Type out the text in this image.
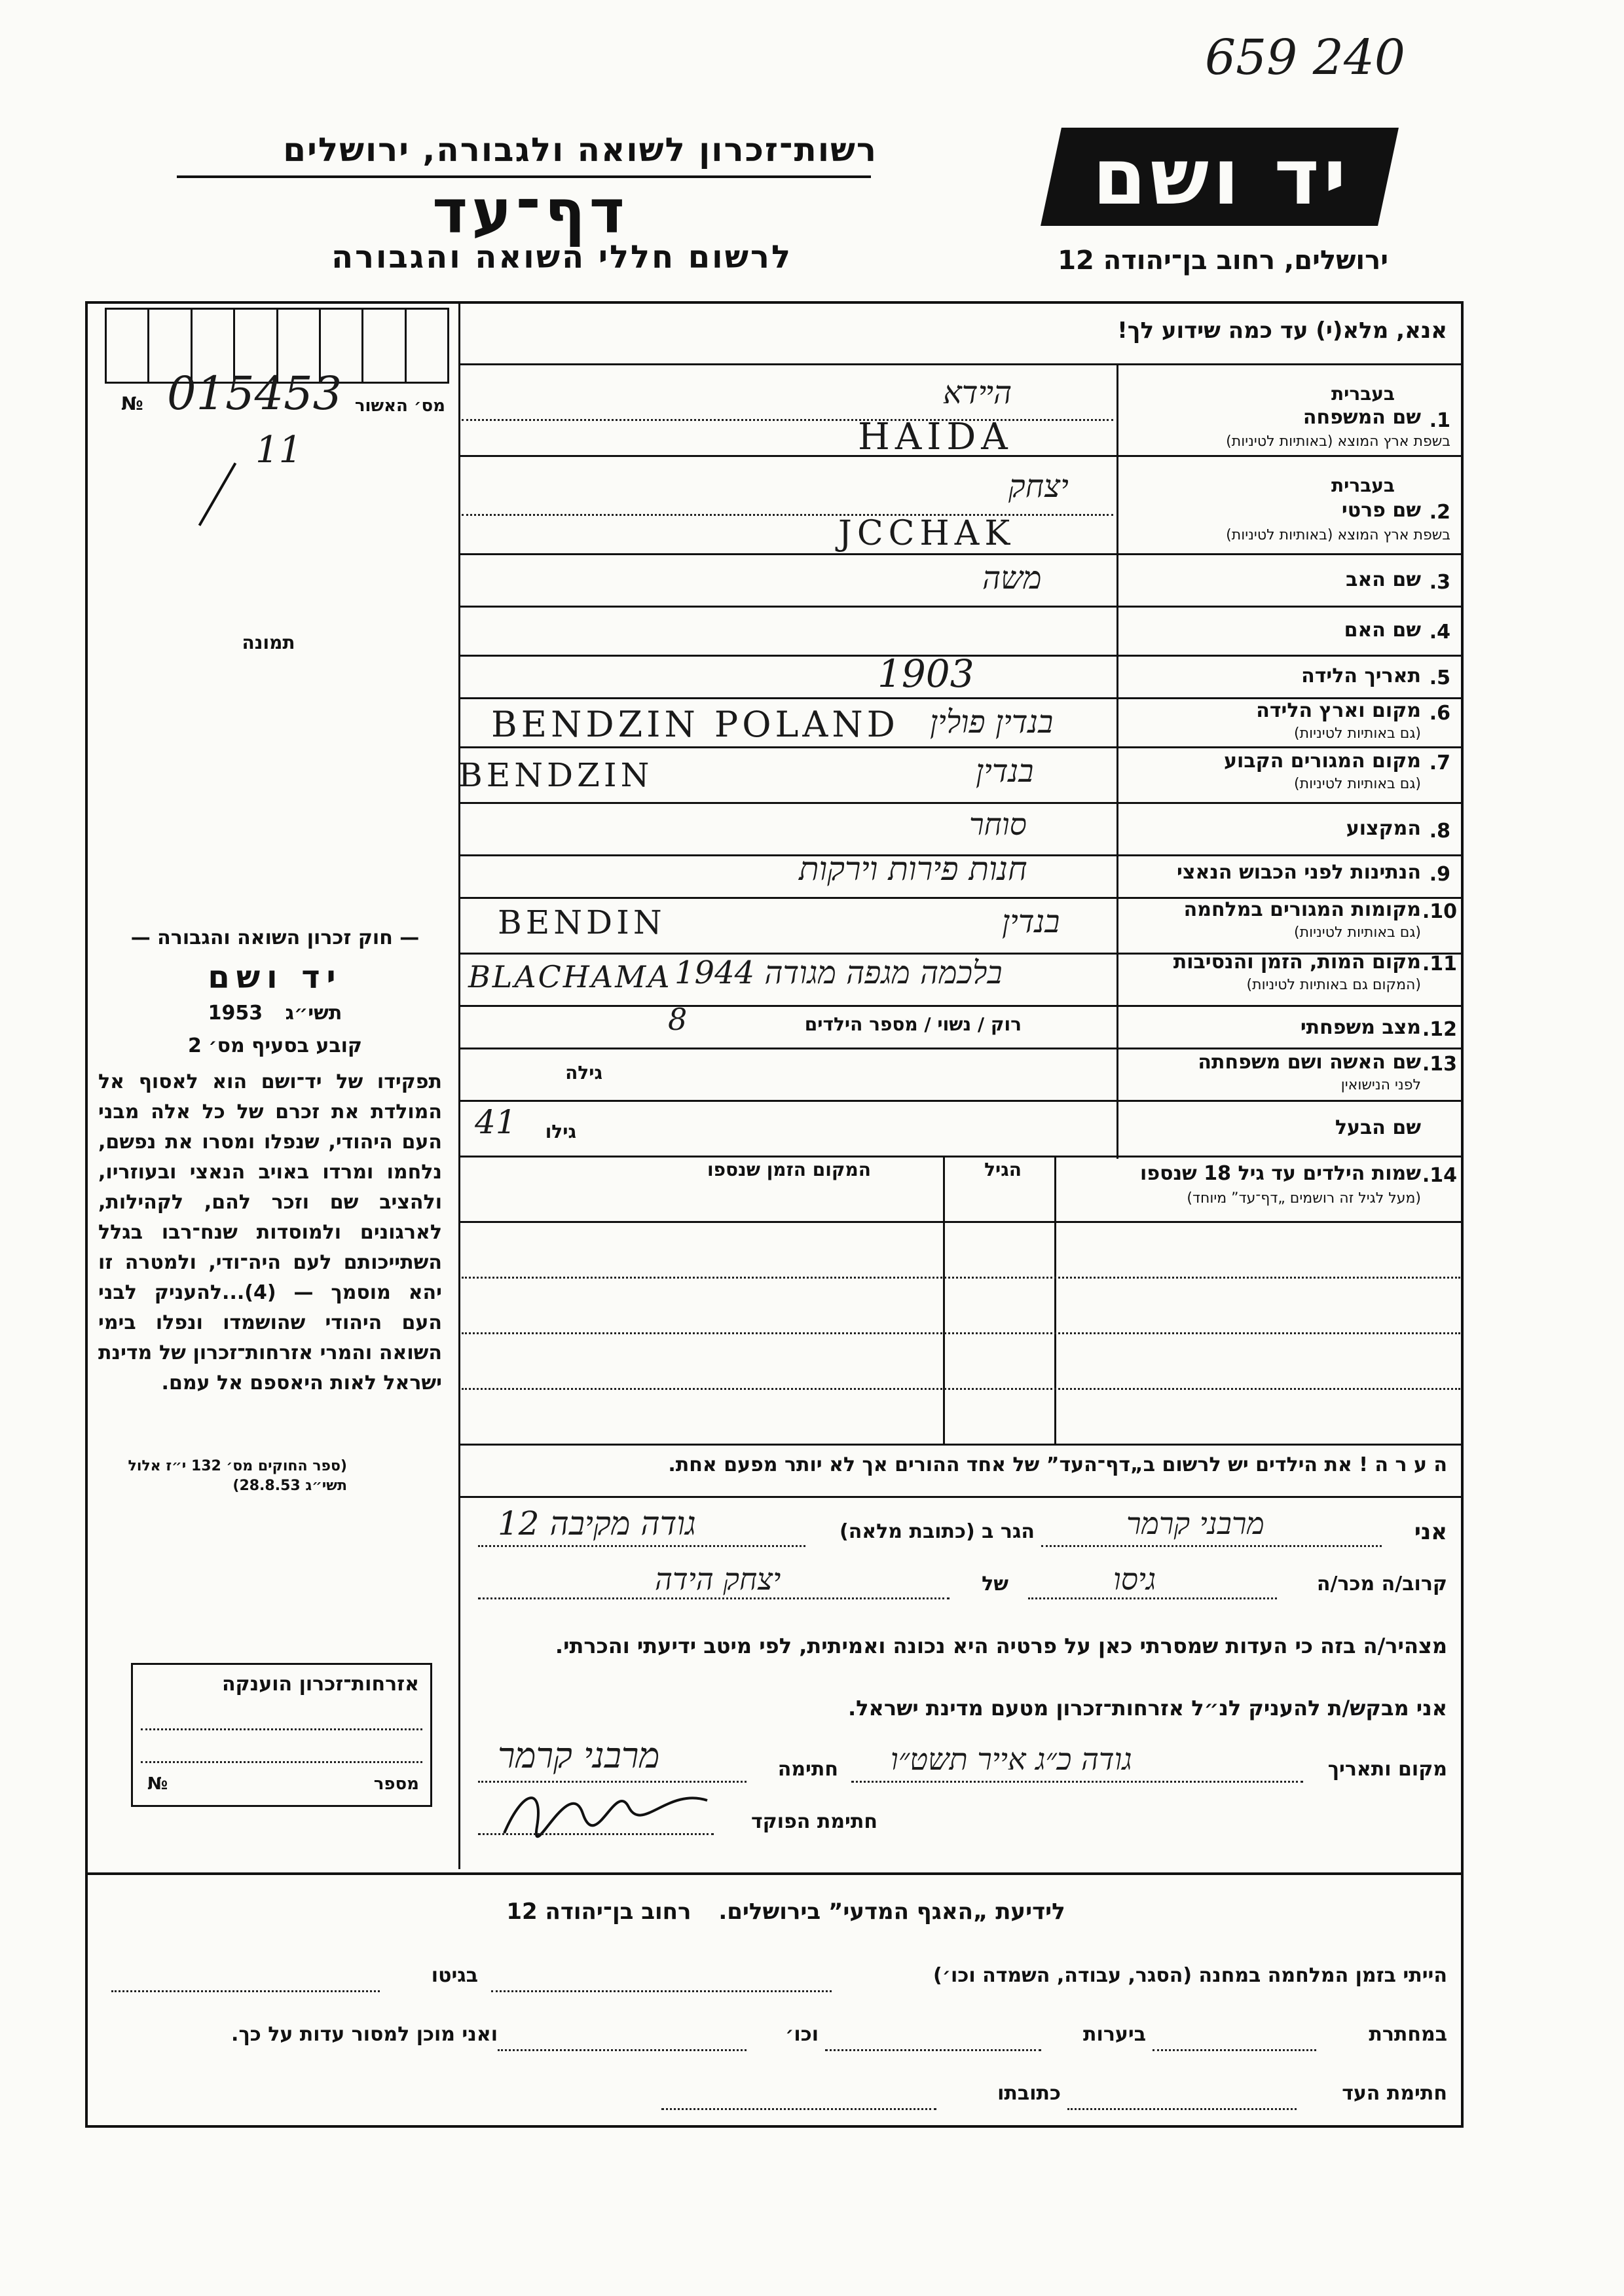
659 240
יד ושם
ירושלים, רחוב בן־יהודה 12
רשות־זכרון לשואה ולגבורה, ירושלים
דף־עד
לרשום חללי השואה והגבורה
אנא, מלא(י) עד כמה שידוע לך!
№ 015453 מס׳ האשור
11
תמונה
בעברית
1.
שם המשפחה
בשפת ארץ המוצא (באותיות לטיניות)
הײדא
HAIDA
בעברית
2.
שם פרטי
בשפת ארץ המוצא (באותיות לטיניות)
יצחק
JCCHAK
3.
שם האב
משה
4.
שם האם
5.
תאריך הלידה
1903
6.
מקום וארץ הלידה
(גם באותיות לטיניות)
BENDZIN POLAND בנדין פולין
7.
מקום המגורים הקבוע
(גם באותיות לטיניות)
BENDZIN	בנדין
8.
המקצוע
סוחר
9.
הנתינות לפני הכבוש הנאצי
חנות פירות וירקות
10.
מקומות המגורים במלחמה
(גם באותיות לטיניות)
BENDIN	בנדין
11.
מקום המות, הזמן והנסיבות
(המקום גם באותיות לטיניות)
BLACHAMA בלכמה מגפה מגודה 1944
12.
מצב משפחתי
רוק / נשוי / מספר הילדים
8
13.
שם האשה ושם משפחתה
לפני הנישואין
גילה
שם הבעל
גילו
41
14.
שמות הילדים עד גיל 18 שנספו
(מעל לגיל זה רושמים „דף־עד” מיוחד)
הגיל
המקום הזמן שנספו
ה ע ר ה ! את הילדים יש לרשום ב„דף־העד” של אחד ההורים אך לא יותר מפעם אחת.
— חוק זכרון השואה והגבורה —
יד ושם
1953 תשי״ג
קובע בסעיף מס׳ 2
תפקידו של יד־ושם הוא לאסוף אל המולדת את זכרם של כל אלה מבני העם היהודי, שנפלו ומסרו את נפשם, נלחמו ומרדו באויב הנאצי ובעוזריו, ולהציב שם וזכר להם, לקהילות, לארגונים ולמוסדות שנח־רבו בגלל השתייכותם לעם היה־ודי, ולמטרה זו יהא מוסמך — (4)...להעניק לבני העם היהודי שהושמדו ונפלו בימי השואה והמרי אזרחות־זכרון של מדינת ישראל לאות היאספם אל עמם.
(ספר החוקים מס׳ 132 י״ז אלול תשי״ג 28.8.53)
אזרחות־זכרון הוענקה
№	מספר
אני
מרבני קרמר
הגר ב (כתובת מלאה)
גודה מקיבה 12
קרוב/ה מכר/ה
גיסו
של
יצחק הידה
מצהיר/ה בזה כי העדות שמסרתי כאן על פרטיה היא נכונה ואמיתית, לפי מיטב ידיעתי והכרתי.
אני מבקש/ת להעניק לנ״ל אזרחות־זכרון מטעם מדינת ישראל.
מקום ותאריך
גודה כ״ג אייר תשט״ו
חתימה
מרבני קרמר
חתימת הפוקד
לידיעת „האגף המדעי” בירושלים. רחוב בן־יהודה 12
הייתי בזמן המלחמה במחנה (הסגר, עבודה, השמדה וכו׳)
בגיטו
במחתרת
ביערות
וכו׳
ואני מוכן למסור עדות על כך.
חתימת העד
כתובתו
